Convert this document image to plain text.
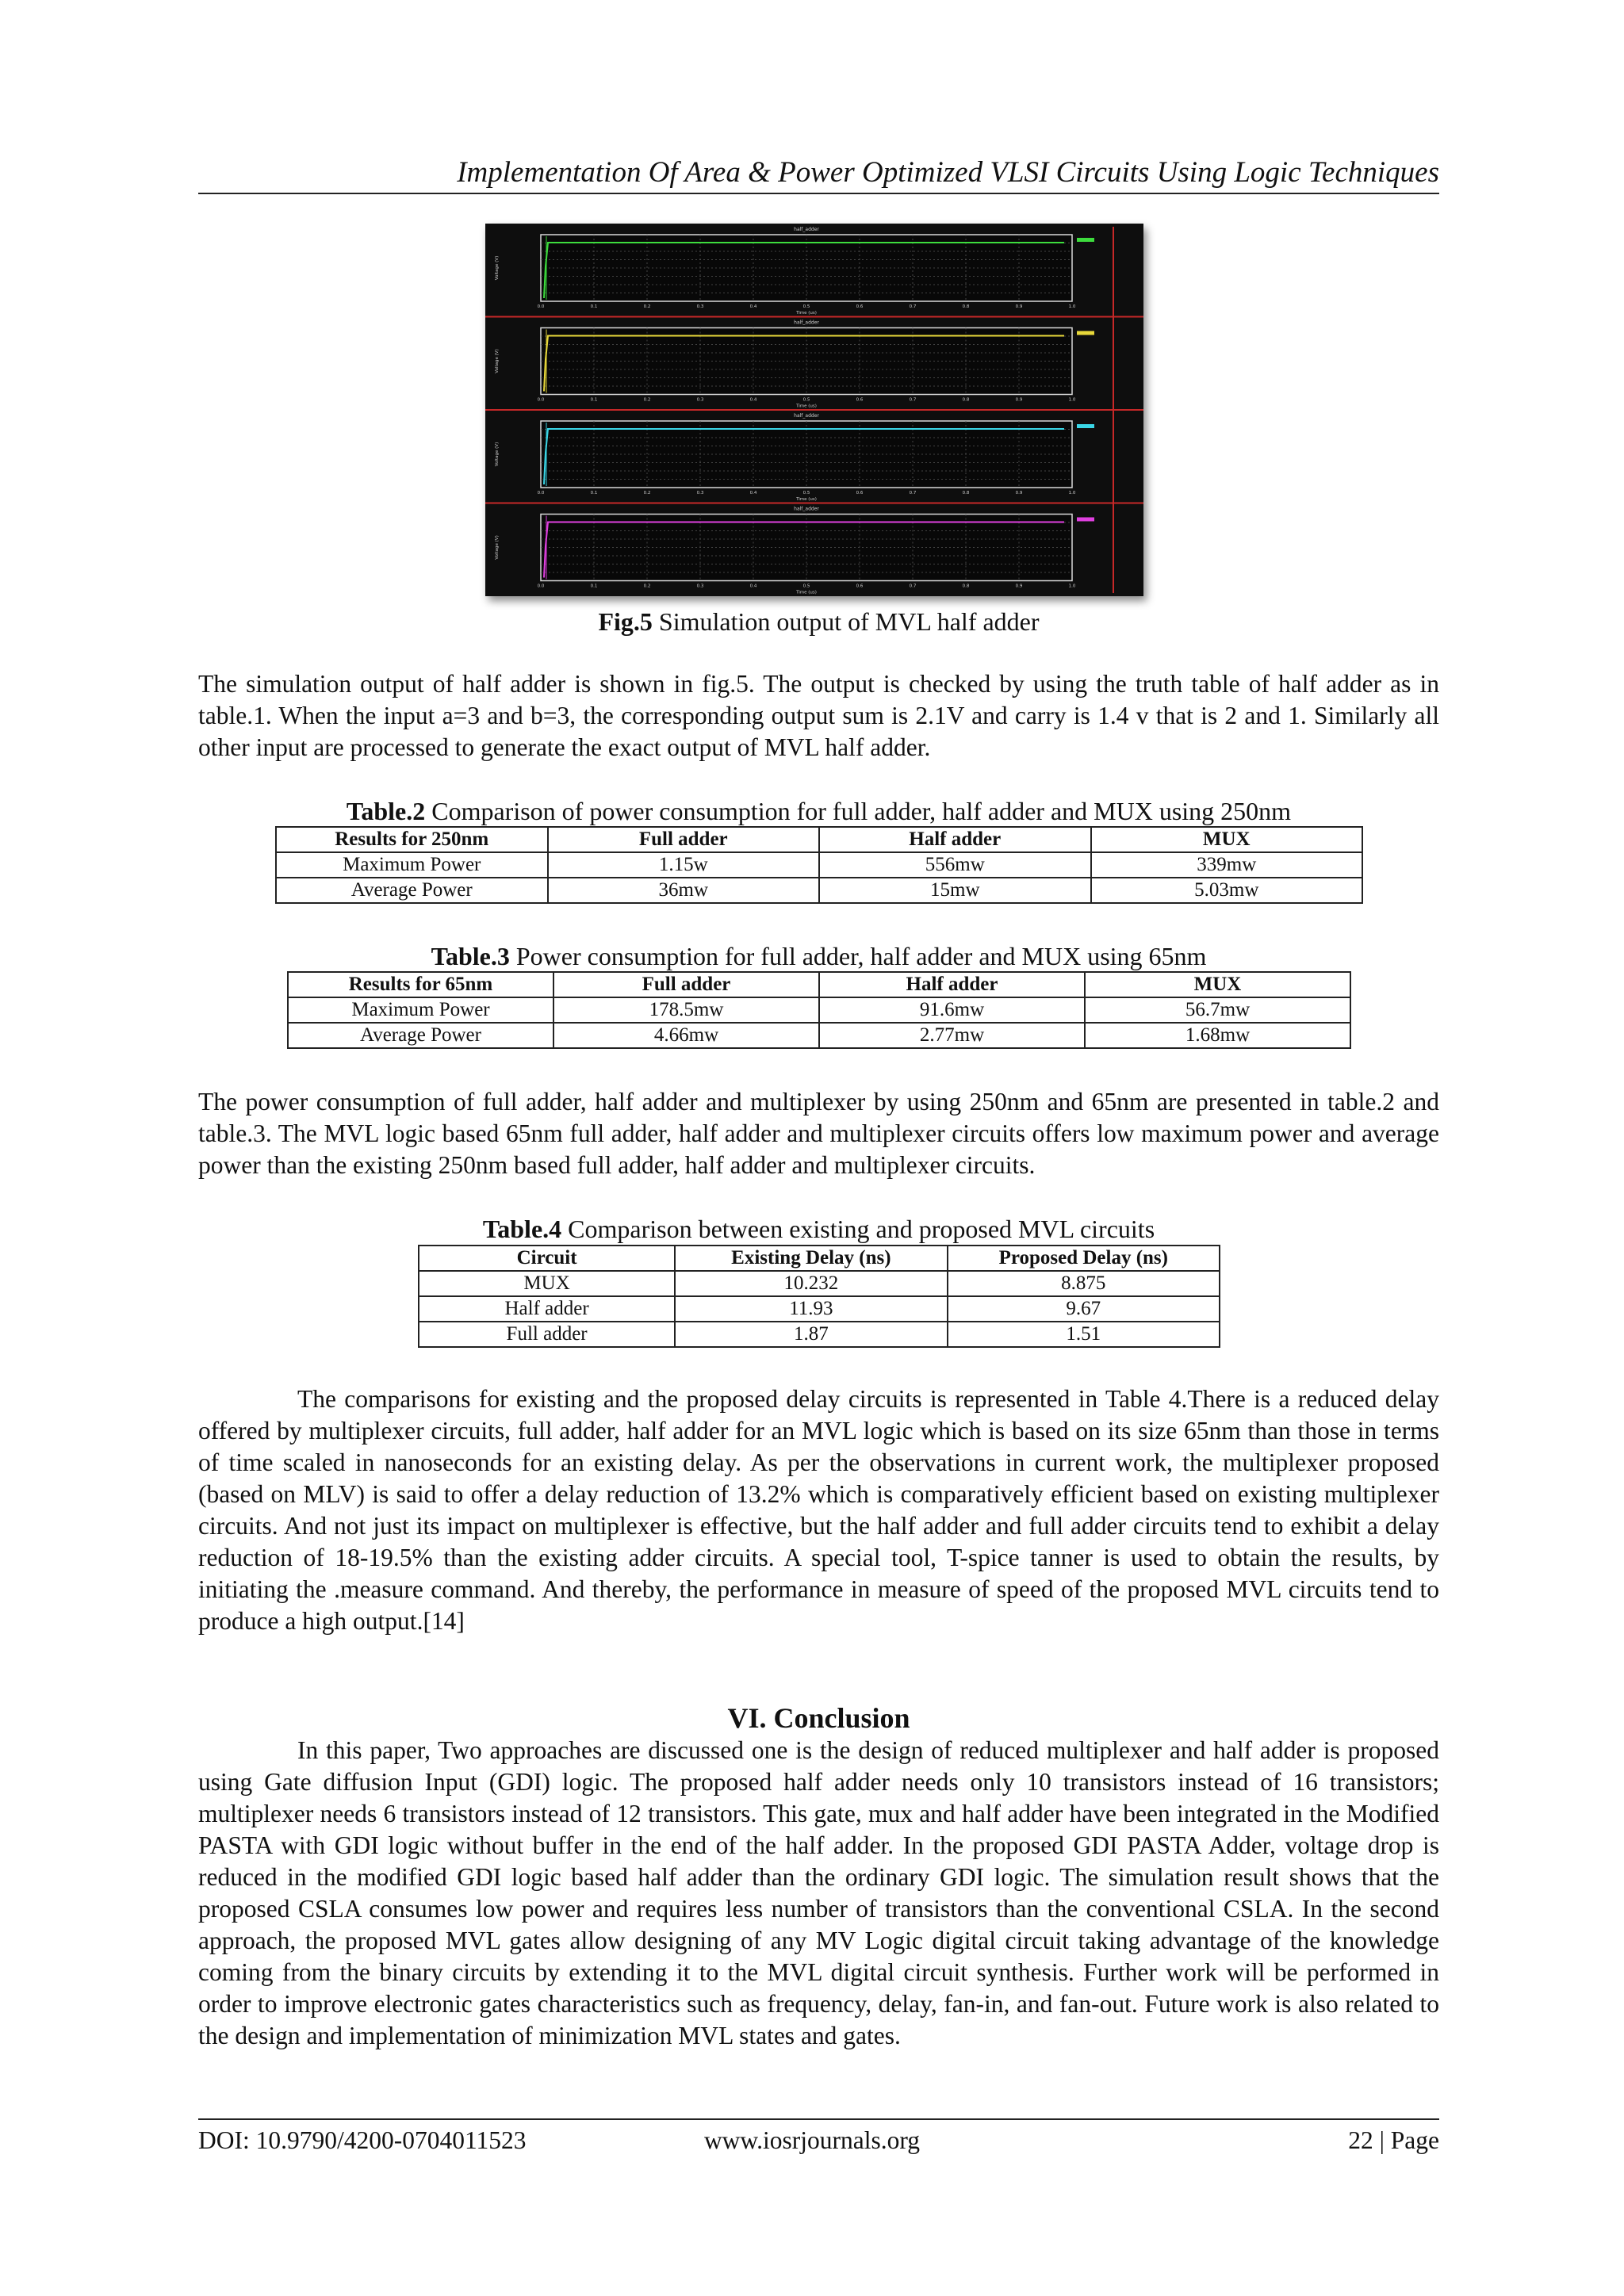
Implementation Of Area & Power Optimized VLSI Circuits Using Logic Techniques
half_adder
0.0	0.1	0.2	0.3	0.4	0.5	0.6	0.7	0.8	0.9	1.0
Time (us)
Voltage (V)
half_adder
0.0	0.1	0.2	0.3	0.4	0.5	0.6	0.7	0.8	0.9	1.0
Time (us)
Voltage (V)
half_adder
0.0	0.1	0.2	0.3	0.4	0.5	0.6	0.7	0.8	0.9	1.0
Time (us)
Voltage (V)
half_adder
0.0	0.1	0.2	0.3	0.4	0.5	0.6	0.7	0.8	0.9	1.0
Time (us)
Voltage (V)
Fig.5 Simulation output of MVL half adder

The simulation output of half adder is shown in fig.5. The output is checked by using the truth table of half adder as in table.1. When the input a=3 and b=3, the corresponding output sum is 2.1V and carry is 1.4 v that is 2 and 1. Similarly all other input are processed to generate the exact output of MVL half adder.

Table.2 Comparison of power consumption for full adder, half adder and MUX using 250nm
Results for 250nm	Full adder	Half adder	MUX
Maximum Power	1.15w	556mw	339mw
Average Power	36mw	15mw	5.03mw
Table.3 Power consumption for full adder, half adder and MUX using 65nm
Results for 65nm	Full adder	Half adder	MUX
Maximum Power	178.5mw	91.6mw	56.7mw
Average Power	4.66mw	2.77mw	1.68mw

The power consumption of full adder, half adder and multiplexer by using 250nm and 65nm are presented in table.2 and table.3. The MVL logic based 65nm full adder, half adder and multiplexer circuits offers low maximum power and average power than the existing 250nm based full adder, half adder and multiplexer circuits.

Table.4 Comparison between existing and proposed MVL circuits
Circuit	Existing Delay (ns)	Proposed Delay (ns)
MUX	10.232	8.875
Half adder	11.93	9.67
Full adder	1.87	1.51

The comparisons for existing and the proposed delay circuits is represented in Table 4.There is a reduced delay offered by multiplexer circuits, full adder, half adder for an MVL logic which is based on its size 65nm than those in terms of time scaled in nanoseconds for an existing delay. As per the observations in current work, the multiplexer proposed (based on MLV) is said to offer a delay reduction of 13.2% which is comparatively efficient based on existing multiplexer circuits. And not just its impact on multiplexer is effective, but the half adder and full adder circuits tend to exhibit a delay reduction of 18-19.5% than the existing adder circuits. A special tool, T-spice tanner is used to obtain the results, by initiating the .measure command. And thereby, the performance in measure of speed of the proposed MVL circuits tend to produce a high output.[14]

VI. Conclusion

In this paper, Two approaches are discussed one is the design of reduced multiplexer and half adder is proposed using Gate diffusion Input (GDI) logic. The proposed half adder needs only 10 transistors instead of 16 transistors; multiplexer needs 6 transistors instead of 12 transistors. This gate, mux and half adder have been integrated in the Modified PASTA with GDI logic without buffer in the end of the half adder. In the proposed GDI PASTA Adder, voltage drop is reduced in the modified GDI logic based half adder than the ordinary GDI logic. The simulation result shows that the proposed CSLA consumes low power and requires less number of transistors than the conventional CSLA. In the second approach, the proposed MVL gates allow designing of any MV Logic digital circuit taking advantage of the knowledge coming from the binary circuits by extending it to the MVL digital circuit synthesis. Further work will be performed in order to improve electronic gates characteristics such as frequency, delay, fan-in, and fan-out. Future work is also related to the design and implementation of minimization MVL states and gates.

DOI: 10.9790/4200-0704011523	www.iosrjournals.org	22 | Page
